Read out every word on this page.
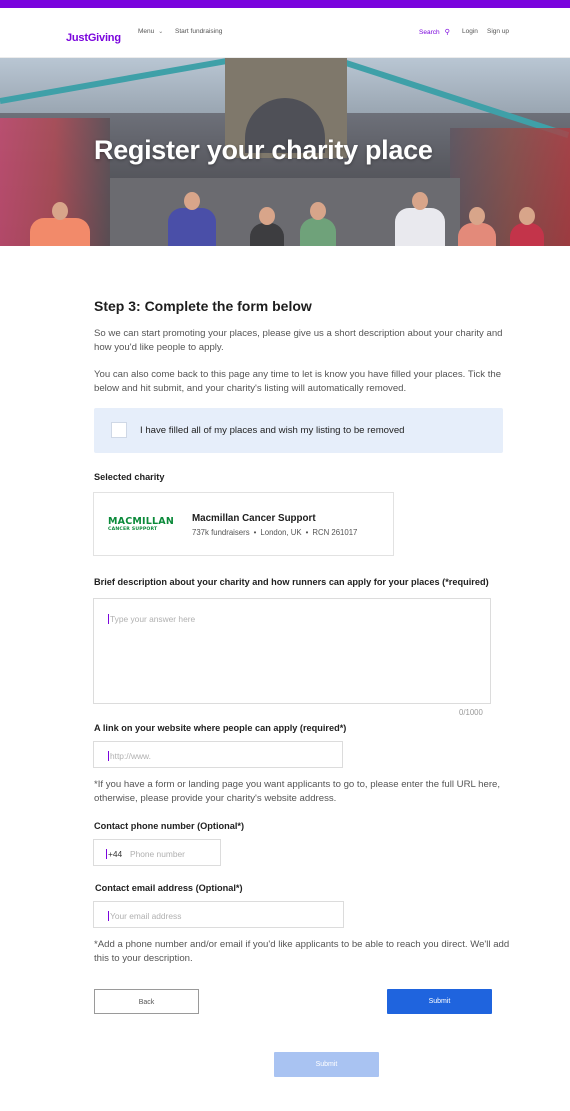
JustGiving
Menu ⌄ Start fundraising	Search ⚲ Login Sign up
Register your charity place
Step 3: Complete the form below
So we can start promoting your places, please give us a short description about your charity and how you'd like people to apply.
You can also come back to this page any time to let is know you have filled your places. Tick the below and hit submit, and your charity's listing will automatically removed.
I have filled all of my places and wish my listing to be removed
Selected charity
MACMILLAN
CANCER SUPPORT
Macmillan Cancer Support
737k fundraisers • London, UK • RCN 261017
Brief description about your charity and how runners can apply for your places (*required)
Type your answer here
0/1000
A link on your website where people can apply (required*)
http://www.
*If you have a form or landing page you want applicants to go to, please enter the full URL here, otherwise, please provide your charity's website address.
Contact phone number (Optional*)
+44 Phone number
Contact email address (Optional*)
Your email address
*Add a phone number and/or email if you'd like applicants to be able to reach you direct. We'll add this to your description.
Back	Submit
Submit
